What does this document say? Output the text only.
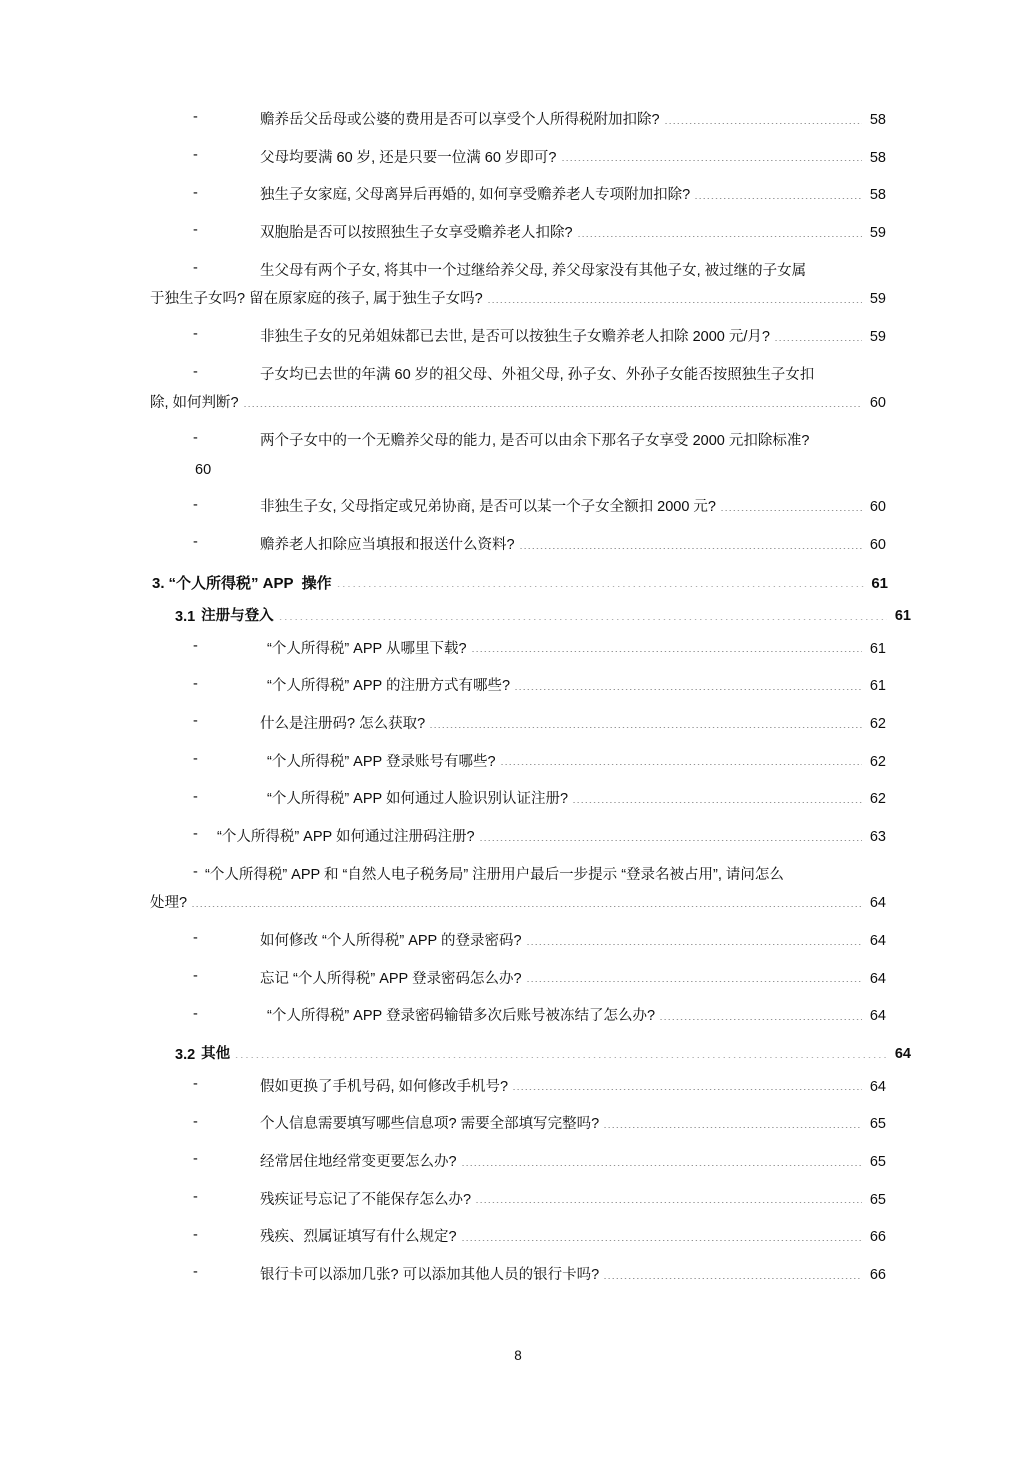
-	赡养岳父岳母或公婆的费用是否可以享受个人所得税附加扣除?	58
-	父母均要满 60 岁, 还是只要一位满 60 岁即可?	58
-	独生子女家庭, 父母离异后再婚的, 如何享受赡养老人专项附加扣除?	58
-	双胞胎是否可以按照独生子女享受赡养老人扣除?	59
-	生父母有两个子女, 将其中一个过继给养父母, 养父母家没有其他子女, 被过继的子女属
于独生子女吗? 留在原家庭的孩子, 属于独生子女吗?	59
-	非独生子女的兄弟姐妹都已去世, 是否可以按独生子女赡养老人扣除 2000 元/月?	59
-	子女均已去世的年满 60 岁的祖父母、外祖父母, 孙子女、外孙子女能否按照独生子女扣
除, 如何判断?	60
-	两个子女中的一个无赡养父母的能力, 是否可以由余下那名子女享受 2000 元扣除标准?
60
-	非独生子女, 父母指定或兄弟协商, 是否可以某一个子女全额扣 2000 元?	60
-	赡养老人扣除应当填报和报送什么资料?	60
3. “个人所得税” APP  操作	61
3.1 注册与登入	61
-	“个人所得税” APP 从哪里下载?	61
-	“个人所得税” APP 的注册方式有哪些?	61
-	什么是注册码? 怎么获取?	62
-	“个人所得税” APP 登录账号有哪些?	62
-	“个人所得税” APP 如何通过人脸识别认证注册?	62
-	“个人所得税” APP 如何通过注册码注册?	63
- “个人所得税” APP 和 “自然人电子税务局” 注册用户最后一步提示 “登录名被占用”, 请问怎么
处理?	64
-	如何修改 “个人所得税” APP 的登录密码?	64
-	忘记 “个人所得税” APP 登录密码怎么办?	64
-	“个人所得税” APP 登录密码输错多次后账号被冻结了怎么办?	64
3.2 其他	64
-	假如更换了手机号码, 如何修改手机号?	64
-	个人信息需要填写哪些信息项? 需要全部填写完整吗?	65
-	经常居住地经常变更要怎么办?	65
-	残疾证号忘记了不能保存怎么办?	65
-	残疾、烈属证填写有什么规定?	66
-	银行卡可以添加几张? 可以添加其他人员的银行卡吗?	66
8
